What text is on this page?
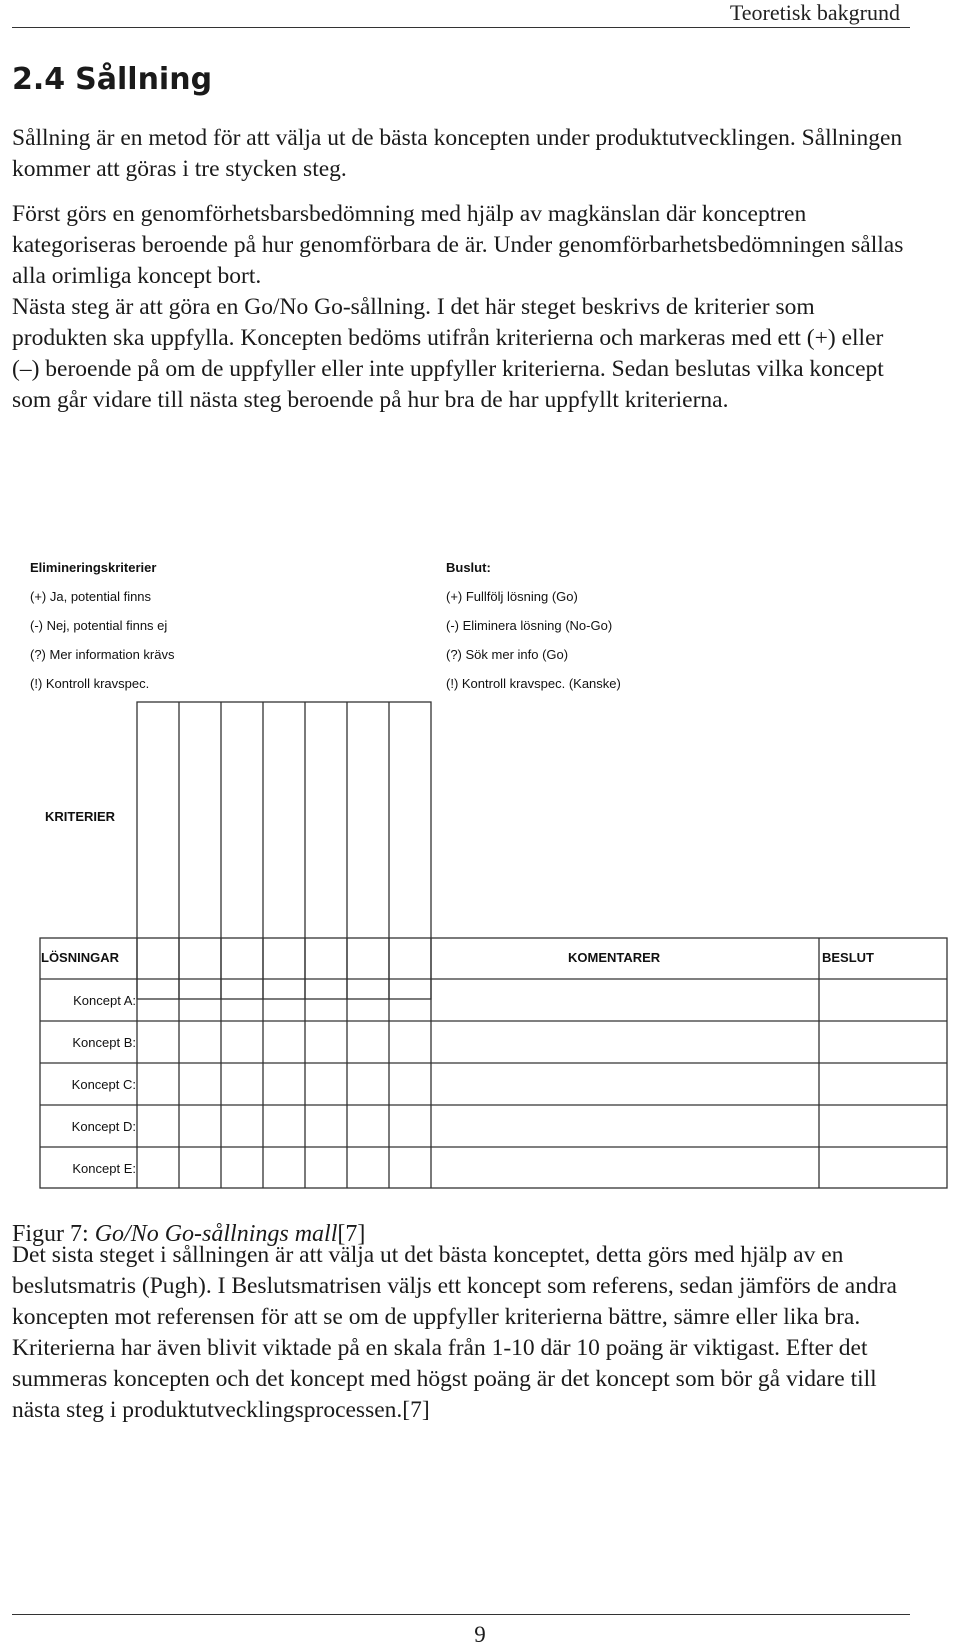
Teoretisk bakgrund
2.4 Sållning

Sållning är en metod för att välja ut de bästa koncepten under produktutvecklingen. Sållningen kommer att göras i tre stycken steg.

Först görs en genomförhetsbarsbedömning med hjälp av magkänslan där konceptren kategoriseras beroende på hur genomförbara de är. Under genomförbarhetsbedömningen sållas alla orimliga koncept bort.

Nästa steg är att göra en Go/No Go-sållning. I det här steget beskrivs de kriterier som produkten ska uppfylla. Koncepten bedöms utifrån kriterierna och markeras med ett (+) eller (–) beroende på om de uppfyller eller inte uppfyller kriterierna. Sedan beslutas vilka koncept som går vidare till nästa steg beroende på hur bra de har uppfyllt kriterierna.

Elimineringskriterier
(+) Ja, potential finns
(-) Nej, potential finns ej
(?) Mer information krävs
(!) Kontroll kravspec.
Buslut:
(+) Fullfölj lösning (Go)
(-) Eliminera lösning (No-Go)
(?) Sök mer info (Go)
(!) Kontroll kravspec. (Kanske)
KRITERIER
LÖSNINGAR	KOMENTARER	BESLUT
Koncept A:
Koncept B:
Koncept C:
Koncept D:
Koncept E:

Figur 7: Go/No Go-sållnings mall[7]

Det sista steget i sållningen är att välja ut det bästa konceptet, detta görs med hjälp av en beslutsmatris (Pugh). I Beslutsmatrisen väljs ett koncept som referens, sedan jämförs de andra koncepten mot referensen för att se om de uppfyller kriterierna bättre, sämre eller lika bra. Kriterierna har även blivit viktade på en skala från 1-10 där 10 poäng är viktigast. Efter det summeras koncepten och det koncept med högst poäng är det koncept som bör gå vidare till nästa steg i produktutvecklingsprocessen.[7]

9
